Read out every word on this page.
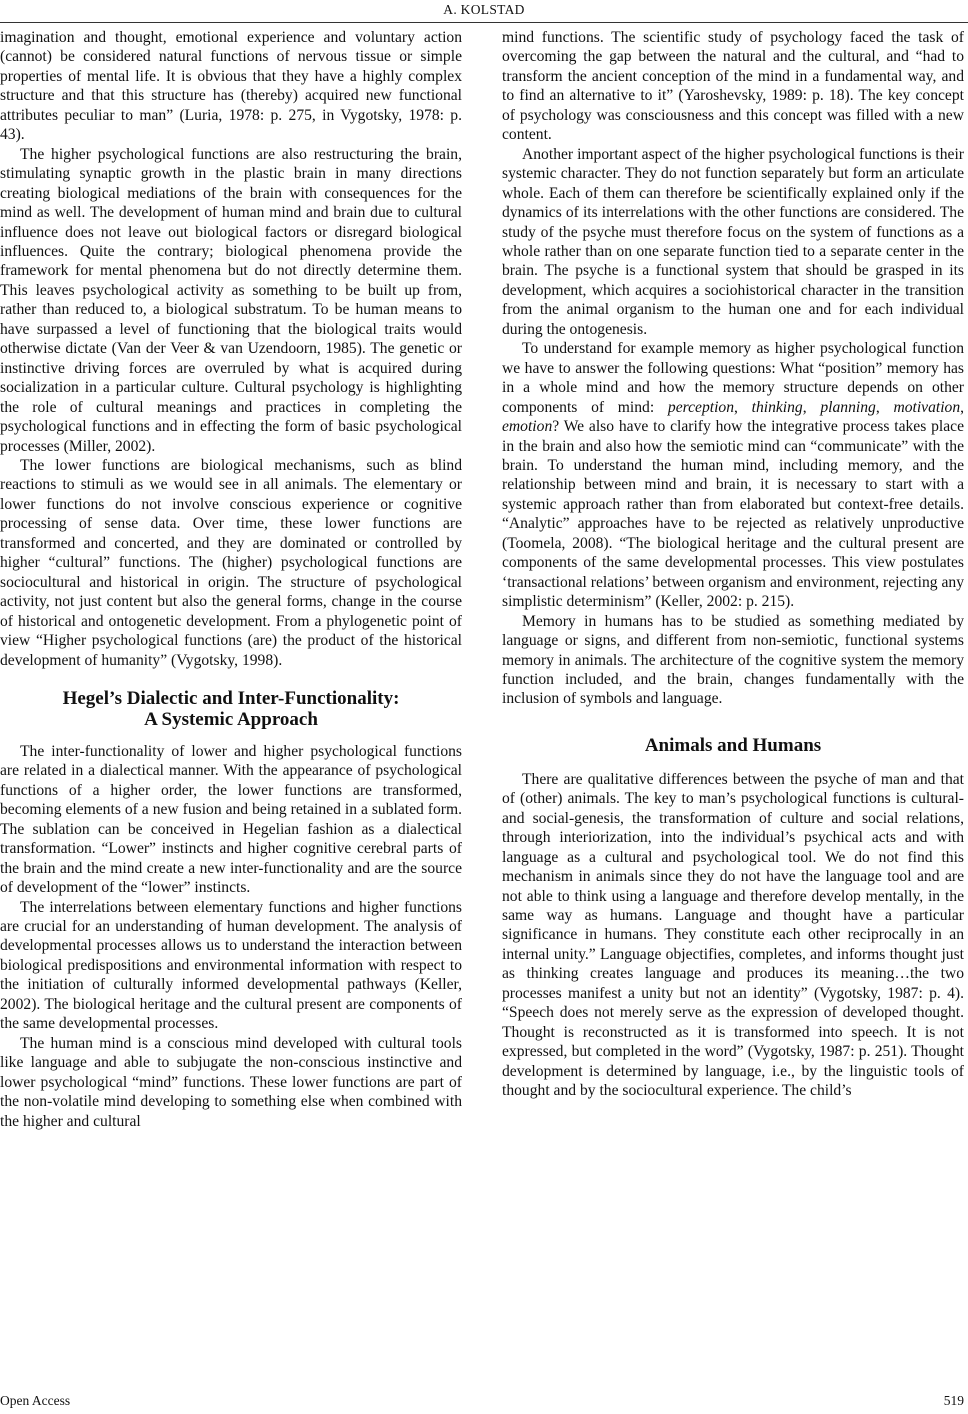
A. KOLSTAD

imagination and thought, emotional experience and voluntary action (cannot) be considered natural functions of nervous tissue or simple properties of mental life. It is obvious that they have a highly complex structure and that this structure has (thereby) acquired new functional attributes peculiar to man” (Luria, 1978: p. 275, in Vygotsky, 1978: p. 43).

The higher psychological functions are also restructuring the brain, stimulating synaptic growth in the plastic brain in many directions creating biological mediations of the brain with consequences for the mind as well. The development of human mind and brain due to cultural influence does not leave out biological factors or disregard biological influences. Quite the contrary; biological phenomena provide the framework for mental phenomena but do not directly determine them. This leaves psychological activity as something to be built up from, rather than reduced to, a biological substratum. To be human means to have surpassed a level of functioning that the biological traits would otherwise dictate (Van der Veer & van Uzendoorn, 1985). The genetic or instinctive driving forces are overruled by what is acquired during socialization in a particular culture. Cultural psychology is highlighting the role of cultural meanings and practices in completing the psychological functions and in effecting the form of basic psychological processes (Miller, 2002).

The lower functions are biological mechanisms, such as blind reactions to stimuli as we would see in all animals. The elementary or lower functions do not involve conscious experience or cognitive processing of sense data. Over time, these lower functions are transformed and concerted, and they are dominated or controlled by higher “cultural” functions. The (higher) psychological functions are sociocultural and historical in origin. The structure of psychological activity, not just content but also the general forms, change in the course of historical and ontogenetic development. From a phylogenetic point of view “Higher psychological functions (are) the product of the historical development of humanity” (Vygotsky, 1998).

Hegel’s Dialectic and Inter-Functionality:
A Systemic Approach

The inter-functionality of lower and higher psychological functions are related in a dialectical manner. With the appearance of psychological functions of a higher order, the lower functions are transformed, becoming elements of a new fusion and being retained in a sublated form. The sublation can be conceived in Hegelian fashion as a dialectical transformation. “Lower” instincts and higher cognitive cerebral parts of the brain and the mind create a new inter-functionality and are the source of development of the “lower” instincts.

The interrelations between elementary functions and higher functions are crucial for an understanding of human development. The analysis of developmental processes allows us to understand the interaction between biological predispositions and environmental information with respect to the initiation of culturally informed developmental pathways (Keller, 2002). The biological heritage and the cultural present are components of the same developmental processes.

The human mind is a conscious mind developed with cultural tools like language and able to subjugate the non-conscious instinctive and lower psychological “mind” functions. These lower functions are part of the non-volatile mind developing to something else when combined with the higher and cultural

mind functions. The scientific study of psychology faced the task of overcoming the gap between the natural and the cultural, and “had to transform the ancient conception of the mind in a fundamental way, and to find an alternative to it” (Yaroshevsky, 1989: p. 18). The key concept of psychology was consciousness and this concept was filled with a new content.

Another important aspect of the higher psychological functions is their systemic character. They do not function separately but form an articulate whole. Each of them can therefore be scientifically explained only if the dynamics of its interrelations with the other functions are considered. The study of the psyche must therefore focus on the system of functions as a whole rather than on one separate function tied to a separate center in the brain. The psyche is a functional system that should be grasped in its development, which acquires a sociohistorical character in the transition from the animal organism to the human one and for each individual during the ontogenesis.

To understand for example memory as higher psychological function we have to answer the following questions: What “position” memory has in a whole mind and how the memory structure depends on other components of mind: perception, thinking, planning, motivation, emotion? We also have to clarify how the integrative process takes place in the brain and also how the semiotic mind can “communicate” with the brain. To understand the human mind, including memory, and the relationship between mind and brain, it is necessary to start with a systemic approach rather than from elaborated but context-free details. “Analytic” approaches have to be rejected as relatively unproductive (Toomela, 2008). “The biological heritage and the cultural present are components of the same developmental processes. This view postulates ‘transactional relations’ between organism and environment, rejecting any simplistic determinism” (Keller, 2002: p. 215).

Memory in humans has to be studied as something mediated by language or signs, and different from non-semiotic, functional systems memory in animals. The architecture of the cognitive system the memory function included, and the brain, changes fundamentally with the inclusion of symbols and language.

Animals and Humans

There are qualitative differences between the psyche of man and that of (other) animals. The key to man’s psychological functions is cultural- and social-genesis, the transformation of culture and social relations, through interiorization, into the individual’s psychical acts and with language as a cultural and psychological tool. We do not find this mechanism in animals since they do not have the language tool and are not able to think using a language and therefore develop mentally, in the same way as humans. Language and thought have a particular significance in humans. They constitute each other reciprocally in an internal unity.” Language objectifies, completes, and informs thought just as thinking creates language and produces its meaning…the two processes manifest a unity but not an identity” (Vygotsky, 1987: p. 4). “Speech does not merely serve as the expression of developed thought. Thought is reconstructed as it is transformed into speech. It is not expressed, but completed in the word” (Vygotsky, 1987: p. 251). Thought development is determined by language, i.e., by the linguistic tools of thought and by the sociocultural experience. The child’s

Open Access	519
